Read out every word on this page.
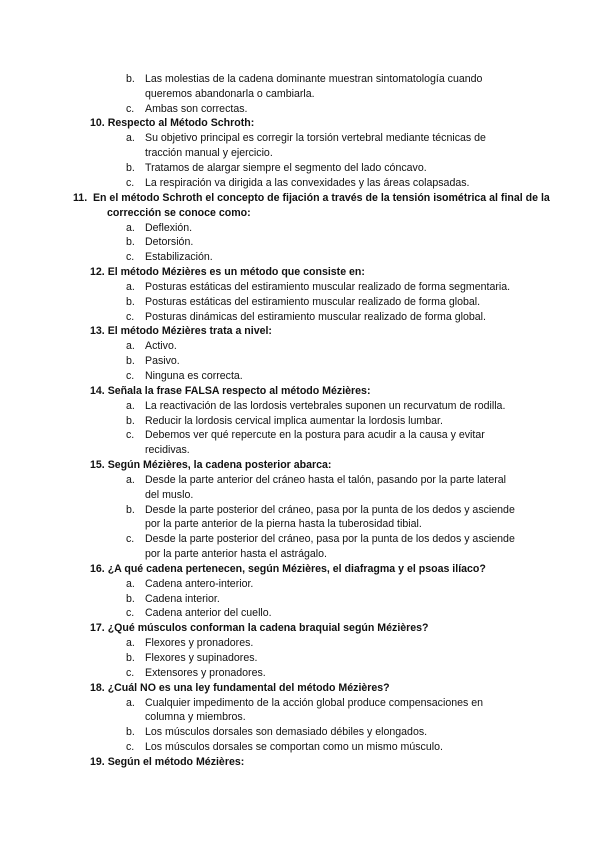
b. Las molestias de la cadena dominante muestran sintomatología cuando queremos abandonarla o cambiarla.

c. Ambas son correctas.

10. Respecto al Método Schroth:

a. Su objetivo principal es corregir la torsión vertebral mediante técnicas de tracción manual y ejercicio.

b. Tratamos de alargar siempre el segmento del lado cóncavo.

c. La respiración va dirigida a las convexidades y las áreas colapsadas.

11. En el método Schroth el concepto de fijación a través de la tensión isométrica al final de la corrección se conoce como:

a. Deflexión.

b. Detorsión.

c. Estabilización.

12. El método Mézières es un método que consiste en:

a. Posturas estáticas del estiramiento muscular realizado de forma segmentaria.

b. Posturas estáticas del estiramiento muscular realizado de forma global.

c. Posturas dinámicas del estiramiento muscular realizado de forma global.

13. El método Mézières trata a nivel:

a. Activo.

b. Pasivo.

c. Ninguna es correcta.

14. Señala la frase FALSA respecto al método Mézières:

a. La reactivación de las lordosis vertebrales suponen un recurvatum de rodilla.

b. Reducir la lordosis cervical implica aumentar la lordosis lumbar.

c. Debemos ver qué repercute en la postura para acudir a la causa y evitar recidivas.

15. Según Mézières, la cadena posterior abarca:

a. Desde la parte anterior del cráneo hasta el talón, pasando por la parte lateral del muslo.

b. Desde la parte posterior del cráneo, pasa por la punta de los dedos y asciende por la parte anterior de la pierna hasta la tuberosidad tibial.

c. Desde la parte posterior del cráneo, pasa por la punta de los dedos y asciende por la parte anterior hasta el astrágalo.

16. ¿A qué cadena pertenecen, según Mézières, el diafragma y el psoas ilíaco?

a. Cadena antero-interior.

b. Cadena interior.

c. Cadena anterior del cuello.

17. ¿Qué músculos conforman la cadena braquial según Mézières?

a. Flexores y pronadores.

b. Flexores y supinadores.

c. Extensores y pronadores.

18. ¿Cuál NO es una ley fundamental del método Mézières?

a. Cualquier impedimento de la acción global produce compensaciones en columna y miembros.

b. Los músculos dorsales son demasiado débiles y elongados.

c. Los músculos dorsales se comportan como un mismo músculo.

19. Según el método Mézières:
